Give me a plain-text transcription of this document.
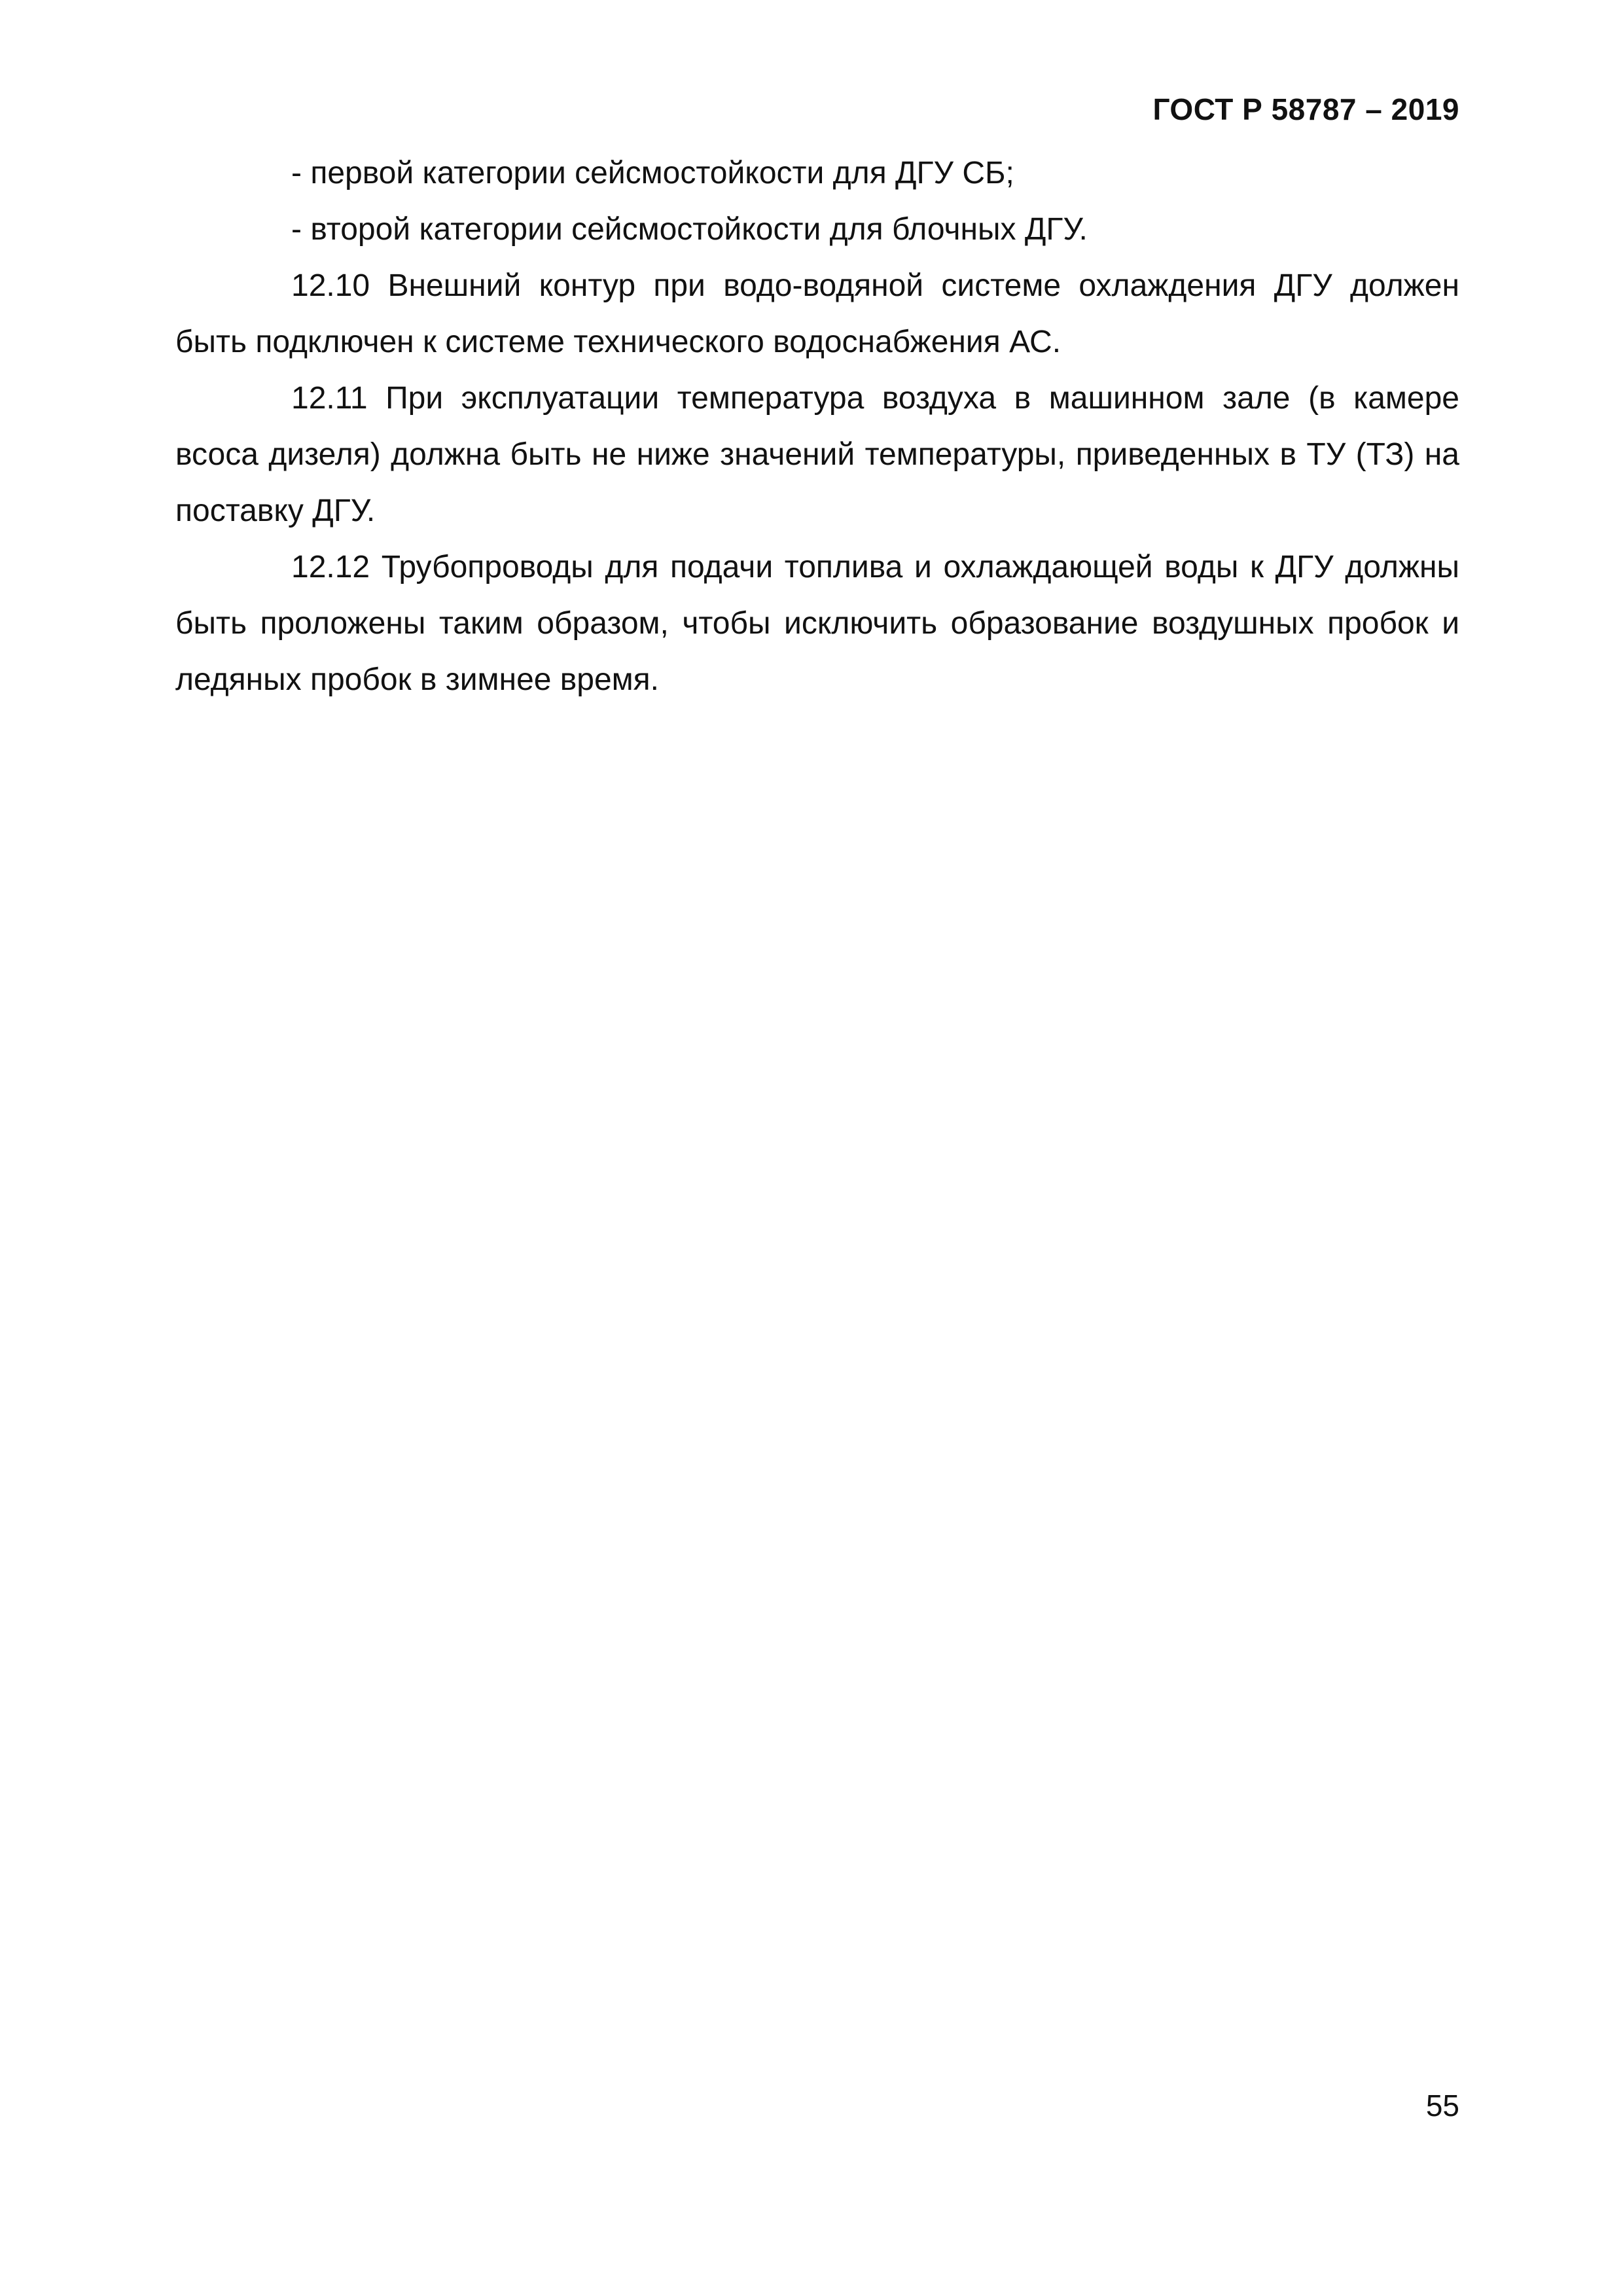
ГОСТ Р 58787 – 2019

- первой категории сейсмостойкости для ДГУ СБ;

- второй категории сейсмостойкости для блочных ДГУ.

12.10 Внешний контур при водо-водяной системе охлаждения ДГУ должен быть подключен к системе технического водоснабжения АС.

12.11 При эксплуатации температура воздуха в машинном зале (в камере всоса дизеля) должна быть не ниже значений температуры, приведенных в ТУ (ТЗ) на поставку ДГУ.

12.12 Трубопроводы для подачи топлива и охлаждающей воды к ДГУ должны быть проложены таким образом, чтобы исключить образование воздушных пробок и ледяных пробок в зимнее время.

55
